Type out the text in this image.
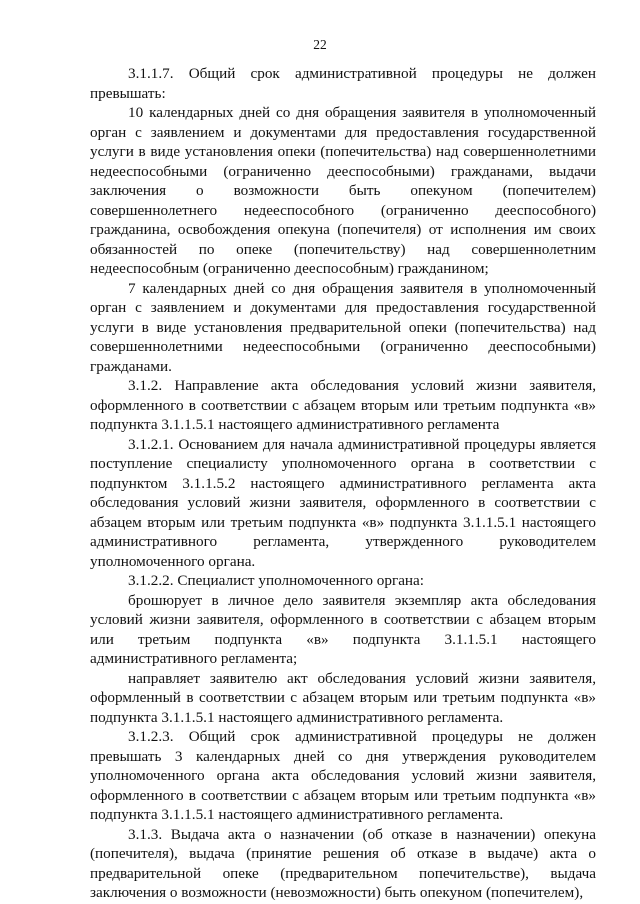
22

3.1.1.7. Общий срок административной процедуры не должен превышать:

10 календарных дней со дня обращения заявителя в уполномоченный орган с заявлением и документами для предоставления государственной услуги в виде установления опеки (попечительства) над совершеннолетними недееспособными (ограниченно дееспособными) гражданами, выдачи заключения о возможности быть опекуном (попечителем) совершеннолетнего недееспособного (ограниченно дееспособного) гражданина, освобождения опекуна (попечителя) от исполнения им своих обязанностей по опеке (попечительству) над совершеннолетним недееспособным (ограниченно дееспособным) гражданином;

7 календарных дней со дня обращения заявителя в уполномоченный орган с заявлением и документами для предоставления государственной услуги в виде установления предварительной опеки (попечительства) над совершеннолетними недееспособными (ограниченно дееспособными) гражданами.

3.1.2. Направление акта обследования условий жизни заявителя, оформленного в соответствии с абзацем вторым или третьим подпункта «в» подпункта 3.1.1.5.1 настоящего административного регламента

3.1.2.1. Основанием для начала административной процедуры является поступление специалисту уполномоченного органа в соответствии с подпунктом 3.1.1.5.2 настоящего административного регламента акта обследования условий жизни заявителя, оформленного в соответствии с абзацем вторым или третьим подпункта «в» подпункта 3.1.1.5.1 настоящего административного регламента, утвержденного руководителем уполномоченного органа.

3.1.2.2. Специалист уполномоченного органа:

брошюрует в личное дело заявителя экземпляр акта обследования условий жизни заявителя, оформленного в соответствии с абзацем вторым или третьим подпункта «в» подпункта 3.1.1.5.1 настоящего административного регламента;

направляет заявителю акт обследования условий жизни заявителя, оформленный в соответствии с абзацем вторым или третьим подпункта «в» подпункта 3.1.1.5.1 настоящего административного регламента.

3.1.2.3. Общий срок административной процедуры не должен превышать 3 календарных дней со дня утверждения руководителем уполномоченного органа акта обследования условий жизни заявителя, оформленного в соответствии с абзацем вторым или третьим подпункта «в» подпункта 3.1.1.5.1 настоящего административного регламента.

3.1.3. Выдача акта о назначении (об отказе в назначении) опекуна (попечителя), выдача (принятие решения об отказе в выдаче) акта о предварительной опеке (предварительном попечительстве), выдача заключения о возможности (невозможности) быть опекуном (попечителем),
